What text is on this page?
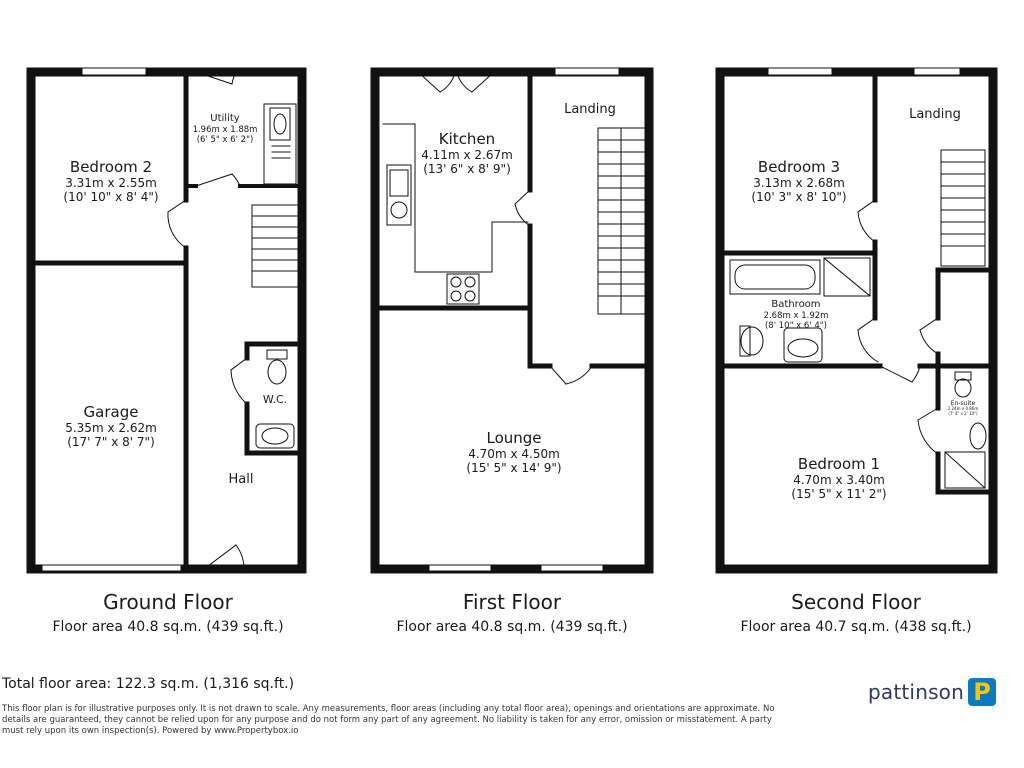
Bedroom 2
3.31m x 2.55m
(10' 10" x 8' 4")
Utility
1.96m x 1.88m
(6' 5" x 6' 2")
Garage
5.35m x 2.62m
(17' 7" x 8' 7")
W.C.
Hall
Kitchen
4.11m x 2.67m
(13' 6" x 8' 9")
Landing
Lounge
4.70m x 4.50m
(15' 5" x 14' 9")
Bedroom 3
3.13m x 2.68m
(10' 3" x 8' 10")
Landing
Bathroom
2.68m x 1.92m
(8' 10" x 6' 4")
En-suite
2.24m x 0.86m
(7' 4" x 2' 10")
Bedroom 1
4.70m x 3.40m
(15' 5" x 11' 2")
Ground Floor
Floor area 40.8 sq.m. (439 sq.ft.)
First Floor
Floor area 40.8 sq.m. (439 sq.ft.)
Second Floor
Floor area 40.7 sq.m. (438 sq.ft.)
Total floor area: 122.3 sq.m. (1,316 sq.ft.)
This floor plan is for illustrative purposes only. It is not drawn to scale. Any measurements, floor areas (including any total floor area), openings and orientations are approximate. No details are guaranteed, they cannot be relied upon for any purpose and do not form any part of any agreement. No liability is taken for any error, omission or misstatement. A party must rely upon its own inspection(s). Powered by www.Propertybox.io
pattinson P
